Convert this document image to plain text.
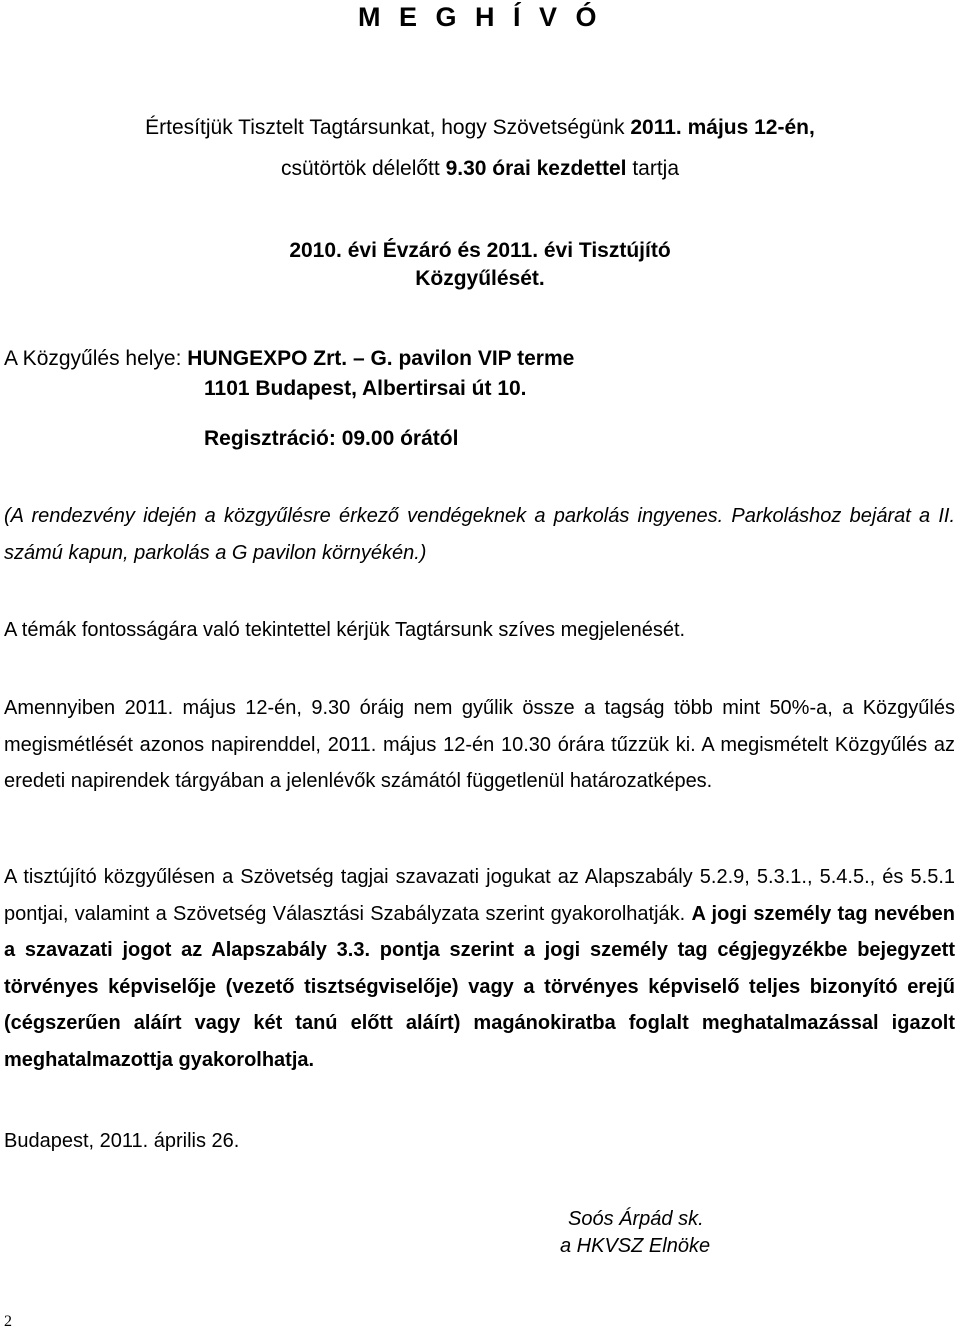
M E G H Í V Ó
Értesítjük Tisztelt Tagtársunkat, hogy Szövetségünk 2011. május 12-én,
csütörtök délelőtt 9.30 órai kezdettel tartja
2010. évi Évzáró és 2011. évi Tisztújító
Közgyűlését.
A Közgyűlés helye: HUNGEXPO Zrt. – G. pavilon VIP terme
1101 Budapest, Albertirsai út 10.
Regisztráció: 09.00 órától
(A rendezvény idején a közgyűlésre érkező vendégeknek a parkolás ingyenes. Parkoláshoz bejárat a II. számú kapun, parkolás a G pavilon környékén.)
A témák fontosságára való tekintettel kérjük Tagtársunk szíves megjelenését.
Amennyiben 2011. május 12-én, 9.30 óráig nem gyűlik össze a tagság több mint 50%-a, a Közgyűlés megismétlését azonos napirenddel, 2011. május 12-én 10.30 órára tűzzük ki. A megismételt Közgyűlés az eredeti napirendek tárgyában a jelenlévők számától függetlenül határozatképes.
A tisztújító közgyűlésen a Szövetség tagjai szavazati jogukat az Alapszabály 5.2.9, 5.3.1., 5.4.5., és 5.5.1 pontjai, valamint a Szövetség Választási Szabályzata szerint gyakorolhatják. A jogi személy tag nevében a szavazati jogot az Alapszabály 3.3. pontja szerint a jogi személy tag cégjegyzékbe bejegyzett törvényes képviselője (vezető tisztségviselője) vagy a törvényes képviselő teljes bizonyító erejű (cégszerűen aláírt vagy két tanú előtt aláírt) magánokiratba foglalt meghatalmazással igazolt meghatalmazottja gyakorolhatja.
Budapest, 2011. április 26.
Soós Árpád sk.
a HKVSZ Elnöke
2
